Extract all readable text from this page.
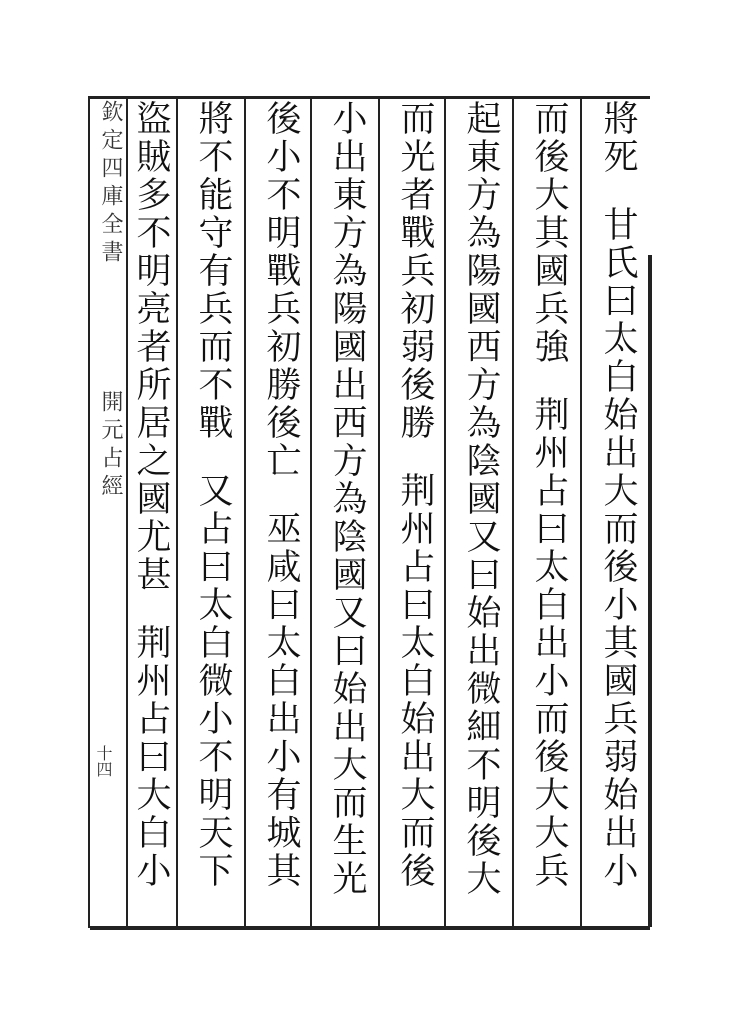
欽定四庫全書  開元占經
十四
將死甘氏曰太白始出大而後小其國兵弱始出小
而後大其國兵強荆州占曰太白出小而後大大兵
起東方為陽國西方為陰國又曰始出微細不明後大
而光者戰兵初弱後勝荆州占曰太白始出大而後
小出東方為陽國出西方為陰國又曰始出大而生光
後小不明戰兵初勝後亡巫咸曰太白出小有城其
將不能守有兵而不戰又占曰太白微小不明天下
盜賊多不明亮者所居之國尤甚荆州占曰大白小
